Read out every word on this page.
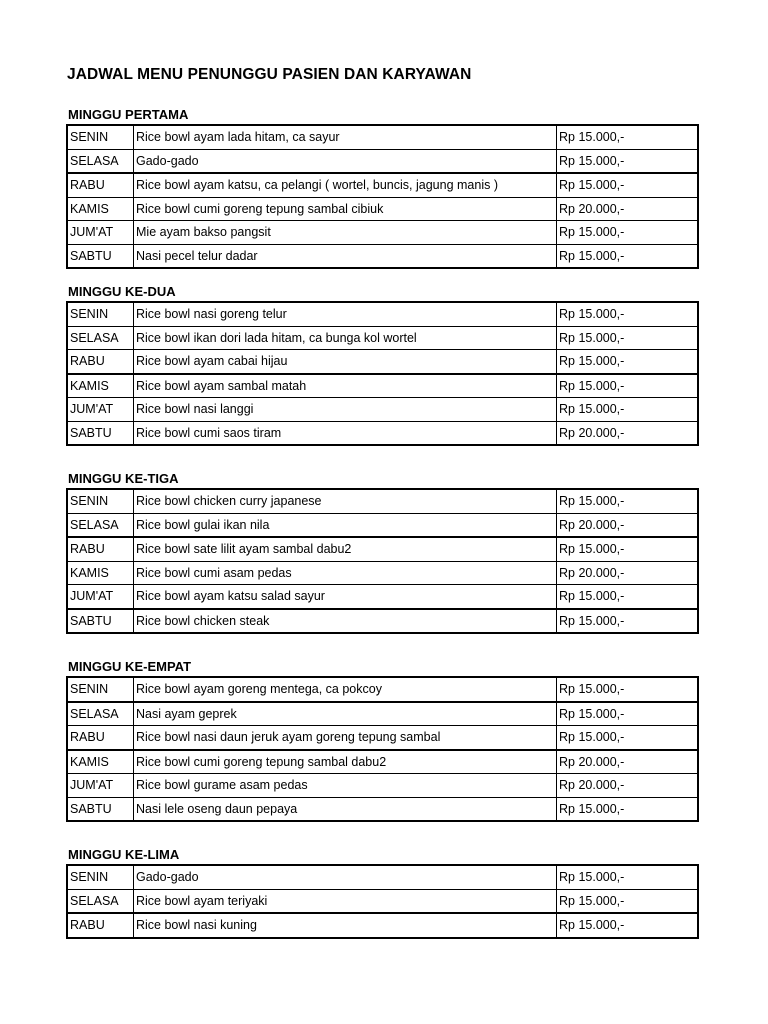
JADWAL MENU PENUNGGU PASIEN DAN KARYAWAN
MINGGU PERTAMA
SENIN	Rice bowl ayam lada hitam, ca sayur	Rp 15.000,-
SELASA	Gado-gado	Rp 15.000,-
RABU	Rice bowl ayam katsu, ca pelangi ( wortel, buncis, jagung manis )	Rp 15.000,-
KAMIS	Rice bowl cumi goreng tepung sambal cibiuk	Rp 20.000,-
JUM'AT	Mie ayam bakso pangsit	Rp 15.000,-
SABTU	Nasi pecel telur dadar	Rp 15.000,-
MINGGU KE-DUA
SENIN	Rice bowl nasi goreng telur	Rp 15.000,-
SELASA	Rice bowl ikan dori lada hitam, ca bunga kol wortel	Rp 15.000,-
RABU	Rice bowl ayam cabai hijau	Rp 15.000,-
KAMIS	Rice bowl ayam sambal matah	Rp 15.000,-
JUM'AT	Rice bowl nasi langgi	Rp 15.000,-
SABTU	Rice bowl cumi saos tiram	Rp 20.000,-
MINGGU KE-TIGA
SENIN	Rice bowl chicken curry japanese	Rp 15.000,-
SELASA	Rice bowl gulai ikan nila	Rp 20.000,-
RABU	Rice bowl sate lilit ayam sambal dabu2	Rp 15.000,-
KAMIS	Rice bowl cumi asam pedas	Rp 20.000,-
JUM'AT	Rice bowl ayam katsu salad sayur	Rp 15.000,-
SABTU	Rice bowl chicken steak	Rp 15.000,-
MINGGU KE-EMPAT
SENIN	Rice bowl ayam goreng mentega, ca pokcoy	Rp 15.000,-
SELASA	Nasi ayam geprek	Rp 15.000,-
RABU	Rice bowl nasi daun jeruk ayam goreng tepung sambal	Rp 15.000,-
KAMIS	Rice bowl cumi goreng tepung sambal dabu2	Rp 20.000,-
JUM'AT	Rice bowl gurame asam pedas	Rp 20.000,-
SABTU	Nasi lele oseng daun pepaya	Rp 15.000,-
MINGGU KE-LIMA
SENIN	Gado-gado	Rp 15.000,-
SELASA	Rice bowl ayam teriyaki	Rp 15.000,-
RABU	Rice bowl nasi kuning	Rp 15.000,-
